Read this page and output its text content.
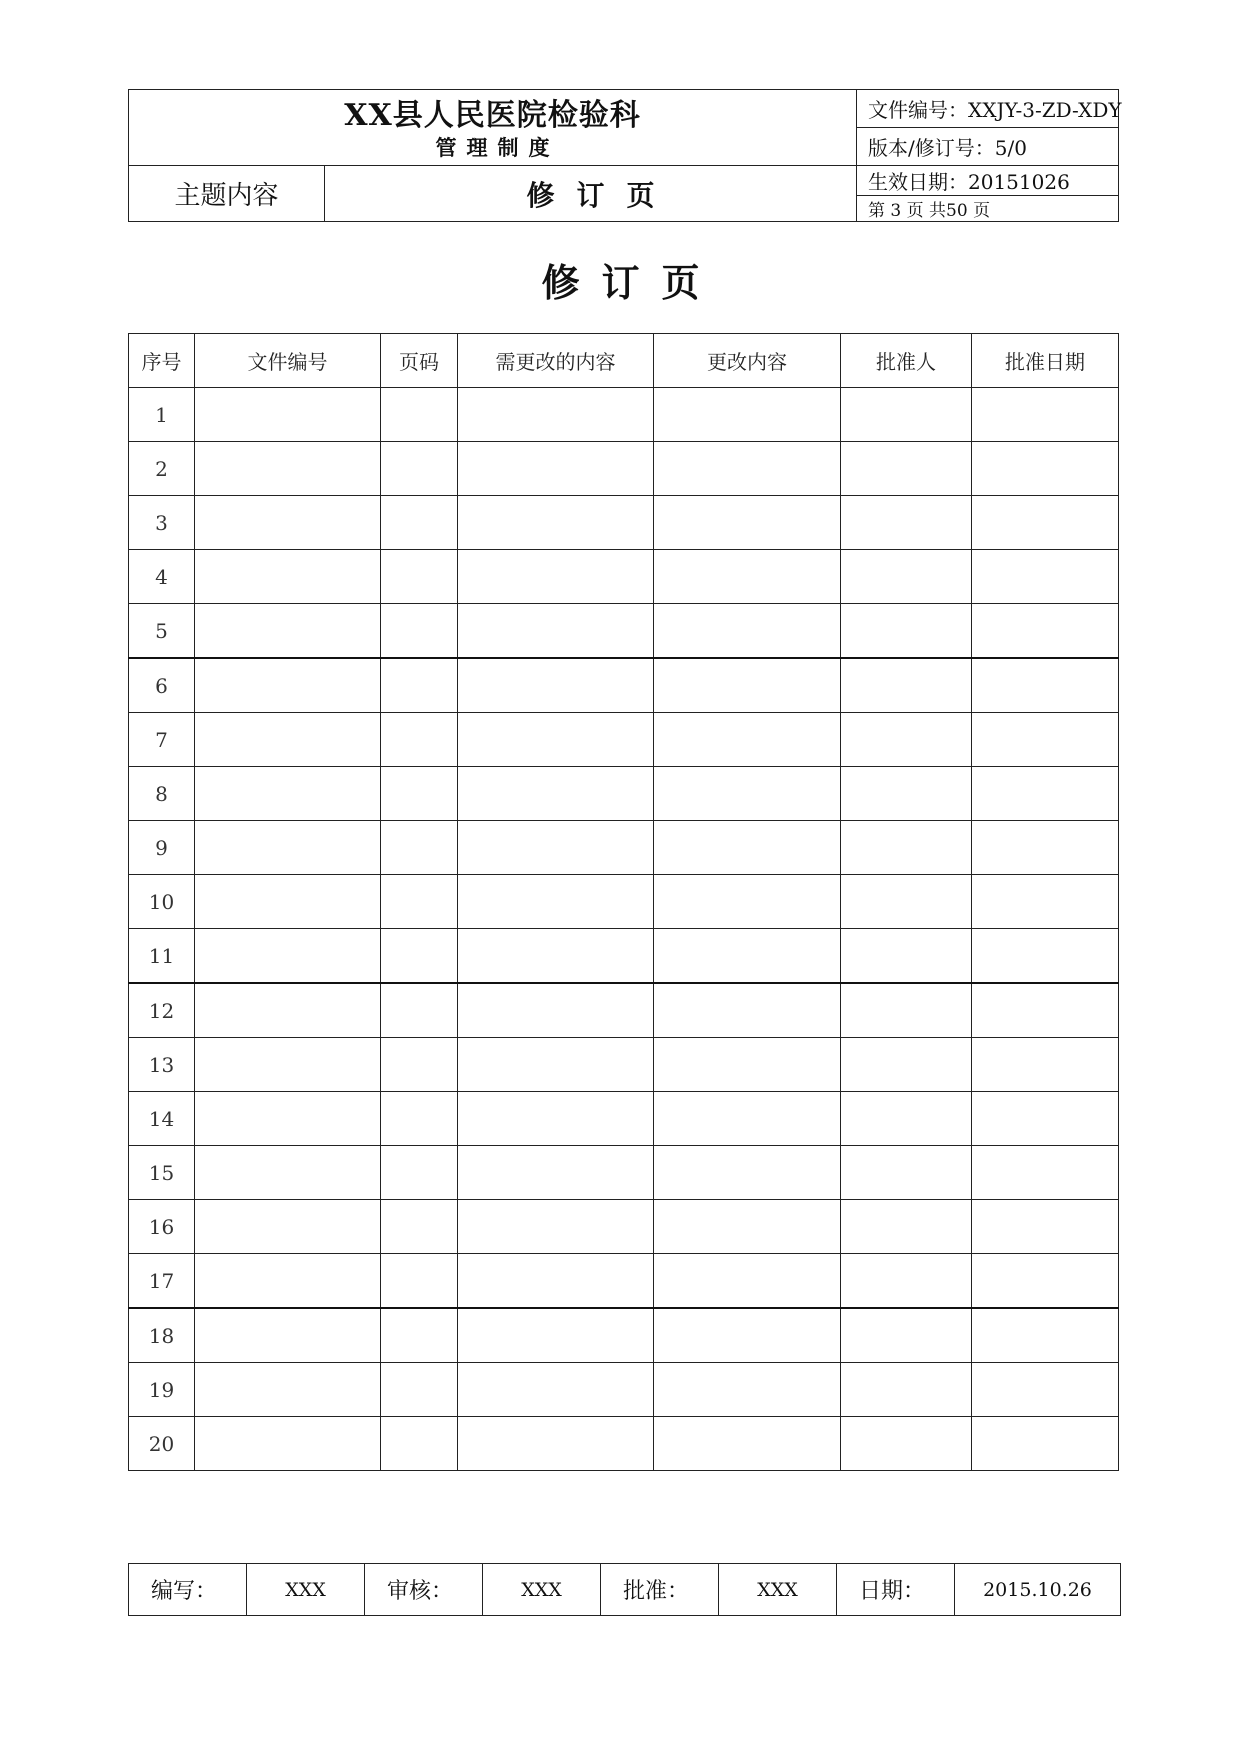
XX县人民医院检验科
管理制度		文件编号：XXJY-3-ZD-XDY
		版本/修订号：5/0
主题内容	修订页	生效日期：20151026
		第 3 页 共50 页
修订页
序号	文件编号	页码	需更改的内容	更改内容	批准人	批准日期
1						
2						
3						
4						
5						
6						
7						
8						
9						
10						
11						
12						
13						
14						
15						
16						
17						
18						
19						
20						
编写：	XXX	审核：	XXX	批准：	XXX	日期：	2015.10.26
